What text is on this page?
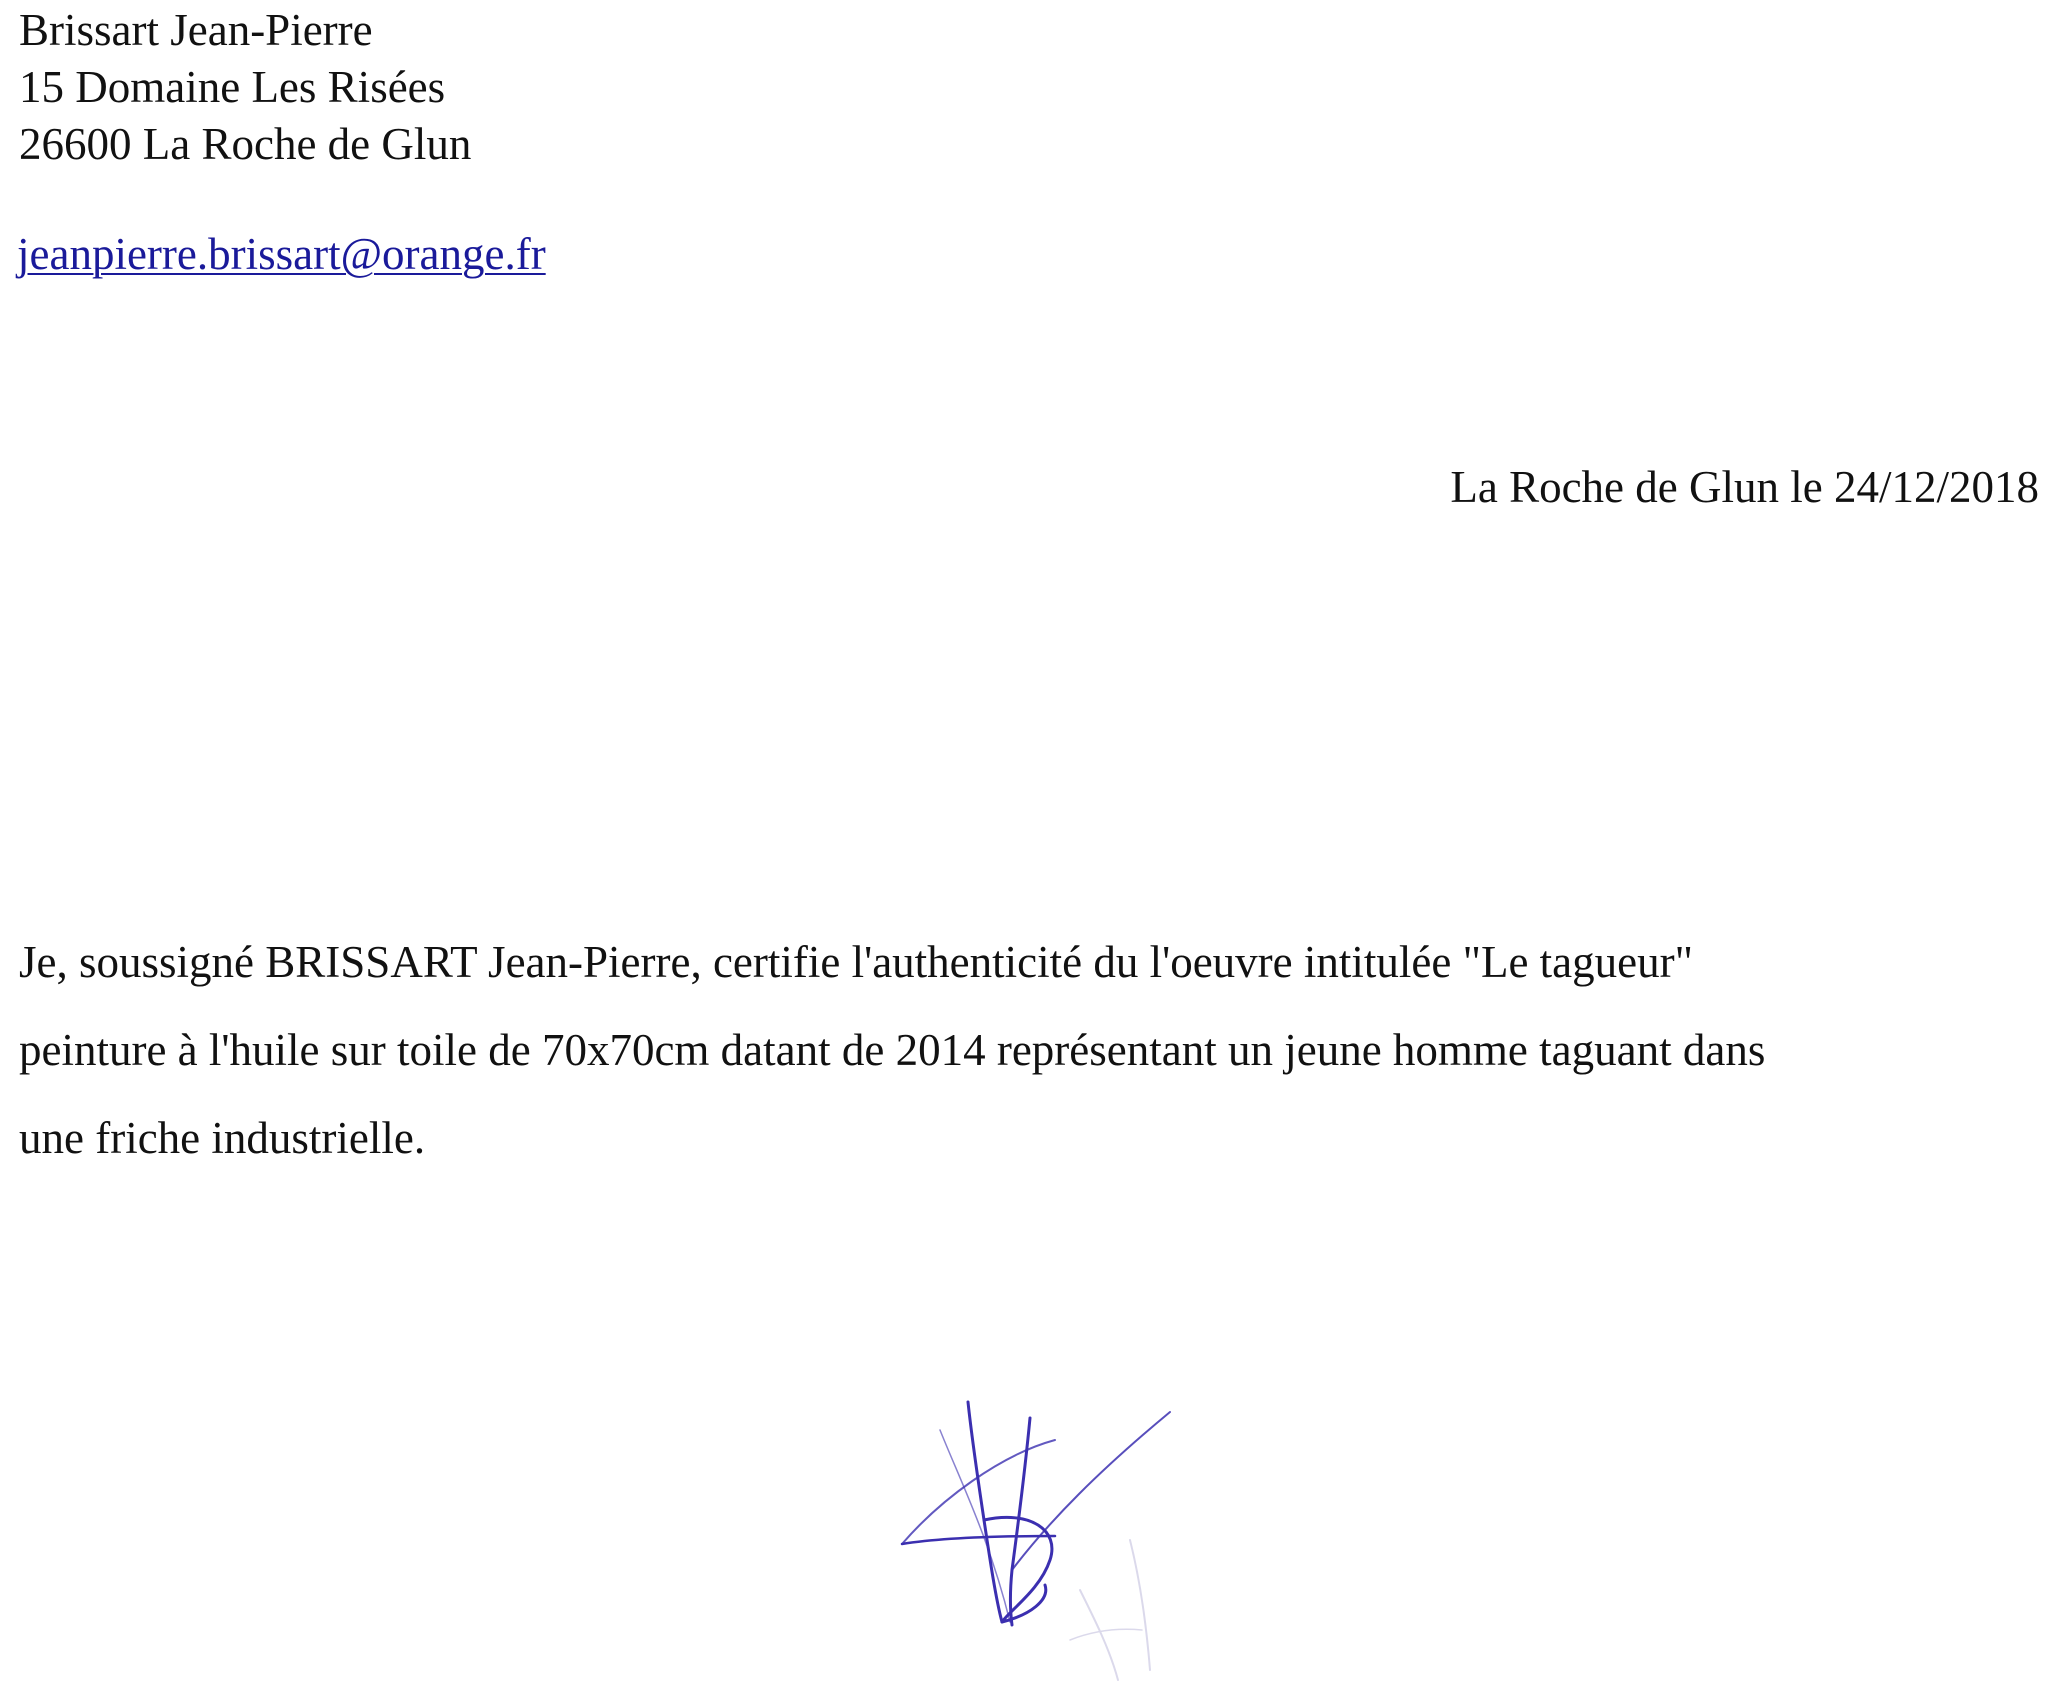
Brissart Jean-Pierre
15 Domaine Les Risées
26600 La Roche de Glun
jeanpierre.brissart@orange.fr
La Roche de Glun le 24/12/2018
Je, soussigné BRISSART Jean-Pierre, certifie l'authenticité du l'oeuvre intitulée "Le tagueur"
peinture à l'huile sur toile de 70x70cm datant de 2014 représentant un jeune homme taguant dans
une friche industrielle.
